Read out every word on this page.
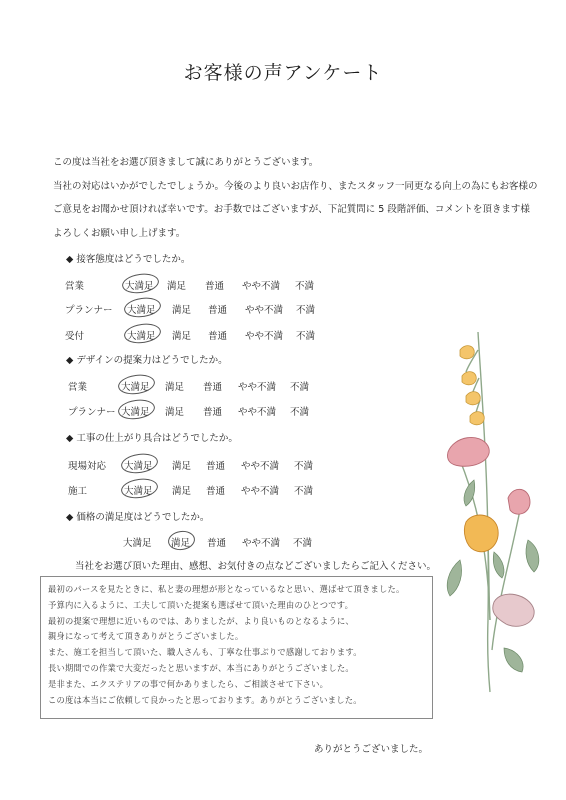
お客様の声アンケート
この度は当社をお選び頂きまして誠にありがとうございます。
当社の対応はいかがでしたでしょうか。今後のより良いお店作り、またスタッフ一同更なる向上の為にもお客様の
ご意見をお聞かせ頂ければ幸いです。お手数ではございますが、下記質問に 5 段階評価、コメントを頂きます様
よろしくお願い申し上げます。
◆ 接客態度はどうでしたか。
営業	大満足 満足 普通 やや不満 不満
プランナー 大満足 満足 普通 やや不満 不満
受付	大満足 満足 普通 やや不満 不満
◆ デザインの提案力はどうでしたか。
営業	大満足 満足 普通 やや不満 不満
プランナー 大満足 満足 普通 やや不満 不満
◆ 工事の仕上がり具合はどうでしたか。
現場対応 大満足 満足 普通 やや不満 不満
施工	大満足 満足 普通 やや不満 不満
◆ 価格の満足度はどうでしたか。
大満足 満足 普通 やや不満 不満
当社をお選び頂いた理由、感想、お気付きの点などございましたらご記入ください。
最初のパースを見たときに、私と妻の理想が形となっているなと思い、選ばせて頂きました。
予算内に入るように、工夫して頂いた提案も選ばせて頂いた理由のひとつです。
最初の提案で理想に近いものでは、ありましたが、より良いものとなるように、
親身になって考えて頂きありがとうございました。
また、施工を担当して頂いた、職人さんも、丁寧な仕事ぶりで感謝しております。
長い期間での作業で大変だったと思いますが、本当にありがとうございました。
是非また、エクステリアの事で何かありましたら、ご相談させて下さい。
この度は本当にご依頼して良かったと思っております。ありがとうございました。
ありがとうございました。
